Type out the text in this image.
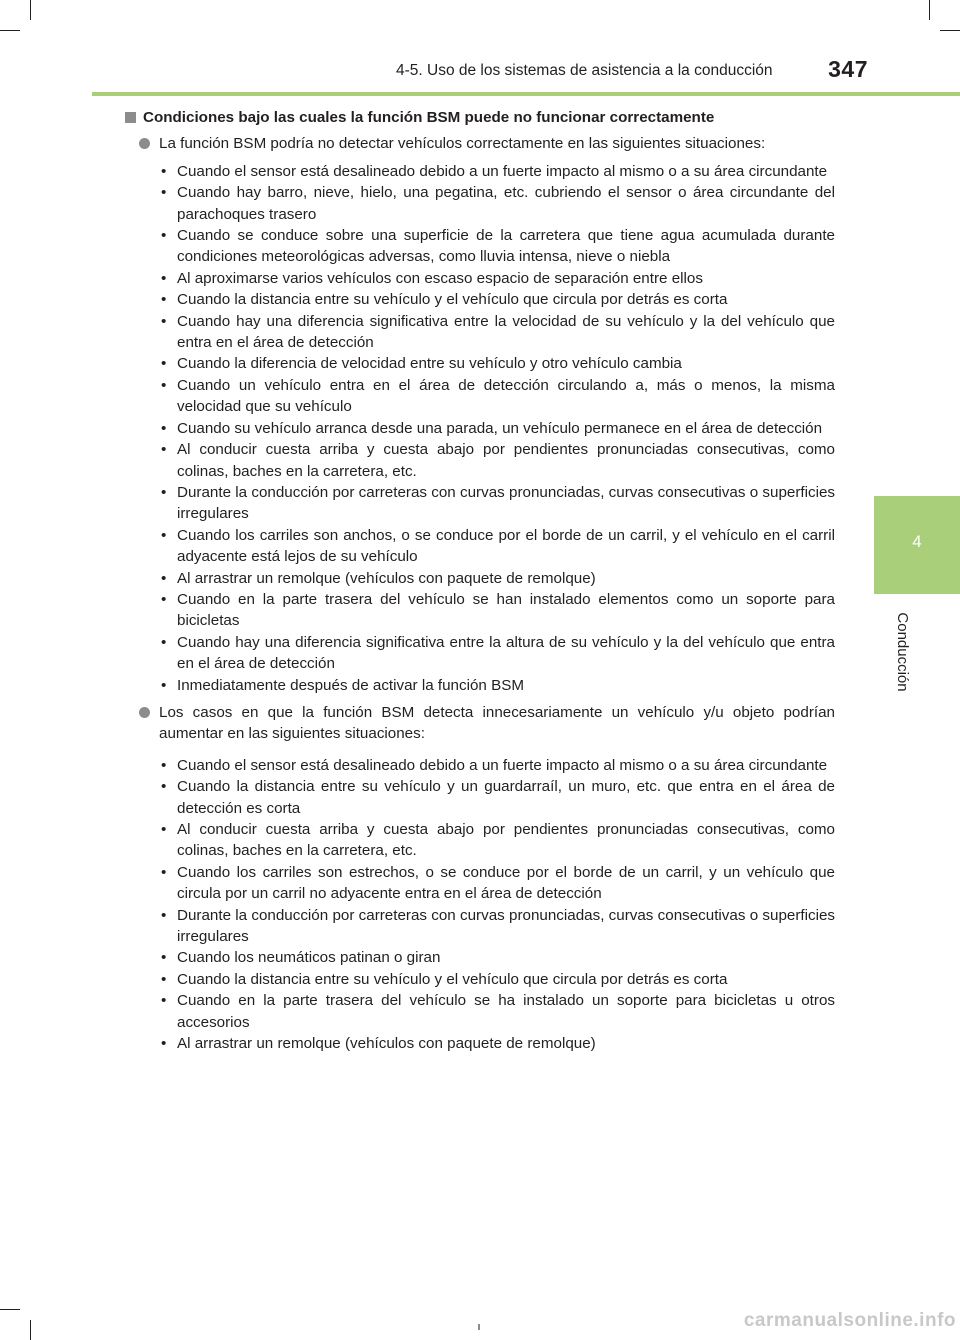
4-5. Uso de los sistemas de asistencia a la conducción	347
4
Conducción
Condiciones bajo las cuales la función BSM puede no funcionar correctamente
La función BSM podría no detectar vehículos correctamente en las siguientes situaciones:
• Cuando el sensor está desalineado debido a un fuerte impacto al mismo o a su área circundante
• Cuando hay barro, nieve, hielo, una pegatina, etc. cubriendo el sensor o área circundante del parachoques trasero
• Cuando se conduce sobre una superficie de la carretera que tiene agua acumulada durante condiciones meteorológicas adversas, como lluvia intensa, nieve o niebla
• Al aproximarse varios vehículos con escaso espacio de separación entre ellos
• Cuando la distancia entre su vehículo y el vehículo que circula por detrás es corta
• Cuando hay una diferencia significativa entre la velocidad de su vehículo y la del vehículo que entra en el área de detección
• Cuando la diferencia de velocidad entre su vehículo y otro vehículo cambia
• Cuando un vehículo entra en el área de detección circulando a, más o menos, la misma velocidad que su vehículo
• Cuando su vehículo arranca desde una parada, un vehículo permanece en el área de detección
• Al conducir cuesta arriba y cuesta abajo por pendientes pronunciadas consecutivas, como colinas, baches en la carretera, etc.
• Durante la conducción por carreteras con curvas pronunciadas, curvas consecutivas o superficies irregulares
• Cuando los carriles son anchos, o se conduce por el borde de un carril, y el vehículo en el carril adyacente está lejos de su vehículo
• Al arrastrar un remolque (vehículos con paquete de remolque)
• Cuando en la parte trasera del vehículo se han instalado elementos como un soporte para bicicletas
• Cuando hay una diferencia significativa entre la altura de su vehículo y la del vehículo que entra en el área de detección
• Inmediatamente después de activar la función BSM
Los casos en que la función BSM detecta innecesariamente un vehículo y/u objeto podrían aumentar en las siguientes situaciones:
• Cuando el sensor está desalineado debido a un fuerte impacto al mismo o a su área circundante
• Cuando la distancia entre su vehículo y un guardarraíl, un muro, etc. que entra en el área de detección es corta
• Al conducir cuesta arriba y cuesta abajo por pendientes pronunciadas consecutivas, como colinas, baches en la carretera, etc.
• Cuando los carriles son estrechos, o se conduce por el borde de un carril, y un vehículo que circula por un carril no adyacente entra en el área de detección
• Durante la conducción por carreteras con curvas pronunciadas, curvas consecutivas o superficies irregulares
• Cuando los neumáticos patinan o giran
• Cuando la distancia entre su vehículo y el vehículo que circula por detrás es corta
• Cuando en la parte trasera del vehículo se ha instalado un soporte para bicicletas u otros accesorios
• Al arrastrar un remolque (vehículos con paquete de remolque)
carmanualsonline.info
